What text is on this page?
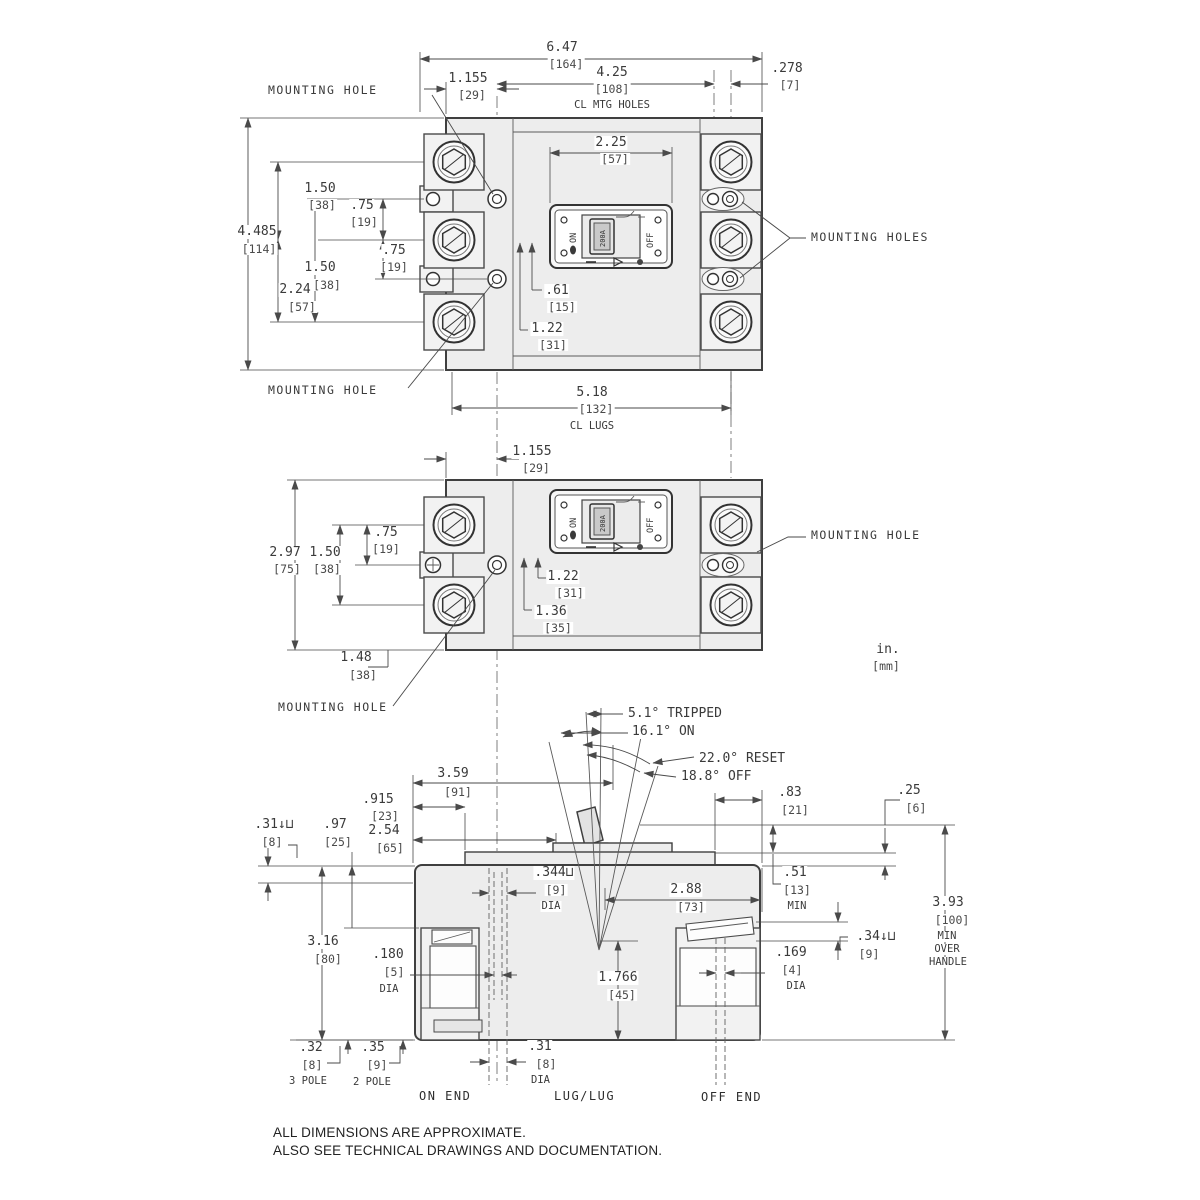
ON	200A	OFF
6.47
[164]
4.25
[108]
CL MTG HOLES
.278
[7]
1.155
[29]
MOUNTING HOLE
2.25
[57]
4.485
[114]
1.50
[38] .75
[19]
.75
[19]
1.50
[38]
2.24
[57]
.61
[15]
1.22
[31]
5.18
[132]
CL LUGS
MOUNTING HOLE
MOUNTING HOLES
1.155
[29]
2.97
[75]
1.50
[38]
.75
[19]
1.22
[31]
1.36
[35]
1.48
[38]
MOUNTING HOLE
MOUNTING HOLE
in.
[mm]
5.1° TRIPPED
16.1° ON
22.0° RESET
18.8° OFF
3.59
[91]
.915
[23]
.31↓⊔
[8]
.97
[25]
2.54
[65]
.344⊔
[9]
DIA
2.88
[73]
.83
[21]
.25
[6]
.51
[13]
MIN	3.93
[100]
MIN
OVER
HANDLE
.34↓⊔
[9]
.169
[4]
DIA
3.16
[80] .180
[5]
DIA
1.766
[45]
.32
[8]
3 POLE
.35
[9]
2 POLE
.31
[8]
DIA
ON END	LUG/LUG	OFF END
ALL DIMENSIONS ARE APPROXIMATE.
ALSO SEE TECHNICAL DRAWINGS AND DOCUMENTATION.
